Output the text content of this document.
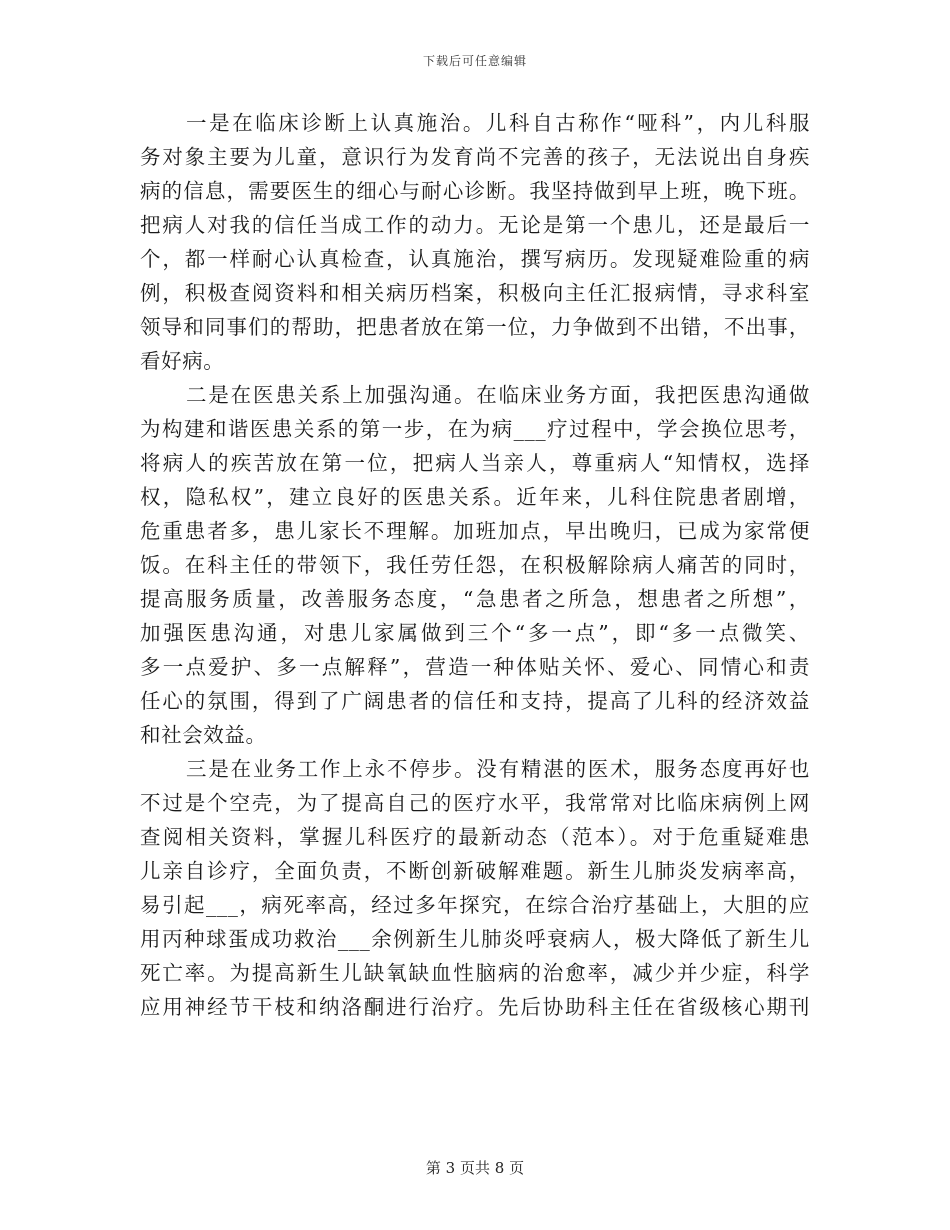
下载后可任意编辑
一是在临床诊断上认真施治。儿科自古称作“哑科”，内儿科服
务对象主要为儿童，意识行为发育尚不完善的孩子，无法说出自身疾
病的信息，需要医生的细心与耐心诊断。我坚持做到早上班，晚下班。
把病人对我的信任当成工作的动力。无论是第一个患儿，还是最后一
个，都一样耐心认真检查，认真施治，撰写病历。发现疑难险重的病
例，积极查阅资料和相关病历档案，积极向主任汇报病情，寻求科室
领导和同事们的帮助，把患者放在第一位，力争做到不出错，不出事，
看好病。
二是在医患关系上加强沟通。在临床业务方面，我把医患沟通做
为构建和谐医患关系的第一步，在为病___疗过程中，学会换位思考，
将病人的疾苦放在第一位，把病人当亲人，尊重病人“知情权，选择
权，隐私权”，建立良好的医患关系。近年来，儿科住院患者剧增，
危重患者多，患儿家长不理解。加班加点，早出晚归，已成为家常便
饭。在科主任的带领下，我任劳任怨，在积极解除病人痛苦的同时，
提高服务质量，改善服务态度，“急患者之所急，想患者之所想”，
加强医患沟通，对患儿家属做到三个“多一点”，即“多一点微笑、
多一点爱护、多一点解释”，营造一种体贴关怀、爱心、同情心和责
任心的氛围，得到了广阔患者的信任和支持，提高了儿科的经济效益
和社会效益。
三是在业务工作上永不停步。没有精湛的医术，服务态度再好也
不过是个空壳，为了提高自己的医疗水平，我常常对比临床病例上网
查阅相关资料，掌握儿科医疗的最新动态（范本）。对于危重疑难患
儿亲自诊疗，全面负责，不断创新破解难题。新生儿肺炎发病率高，
易引起___，病死率高，经过多年探究，在综合治疗基础上，大胆的应
用丙种球蛋成功救治___余例新生儿肺炎呼衰病人，极大降低了新生儿
死亡率。为提高新生儿缺氧缺血性脑病的治愈率，减少并少症，科学
应用神经节干枝和纳洛酮进行治疗。先后协助科主任在省级核心期刊
第 3 页共 8 页
